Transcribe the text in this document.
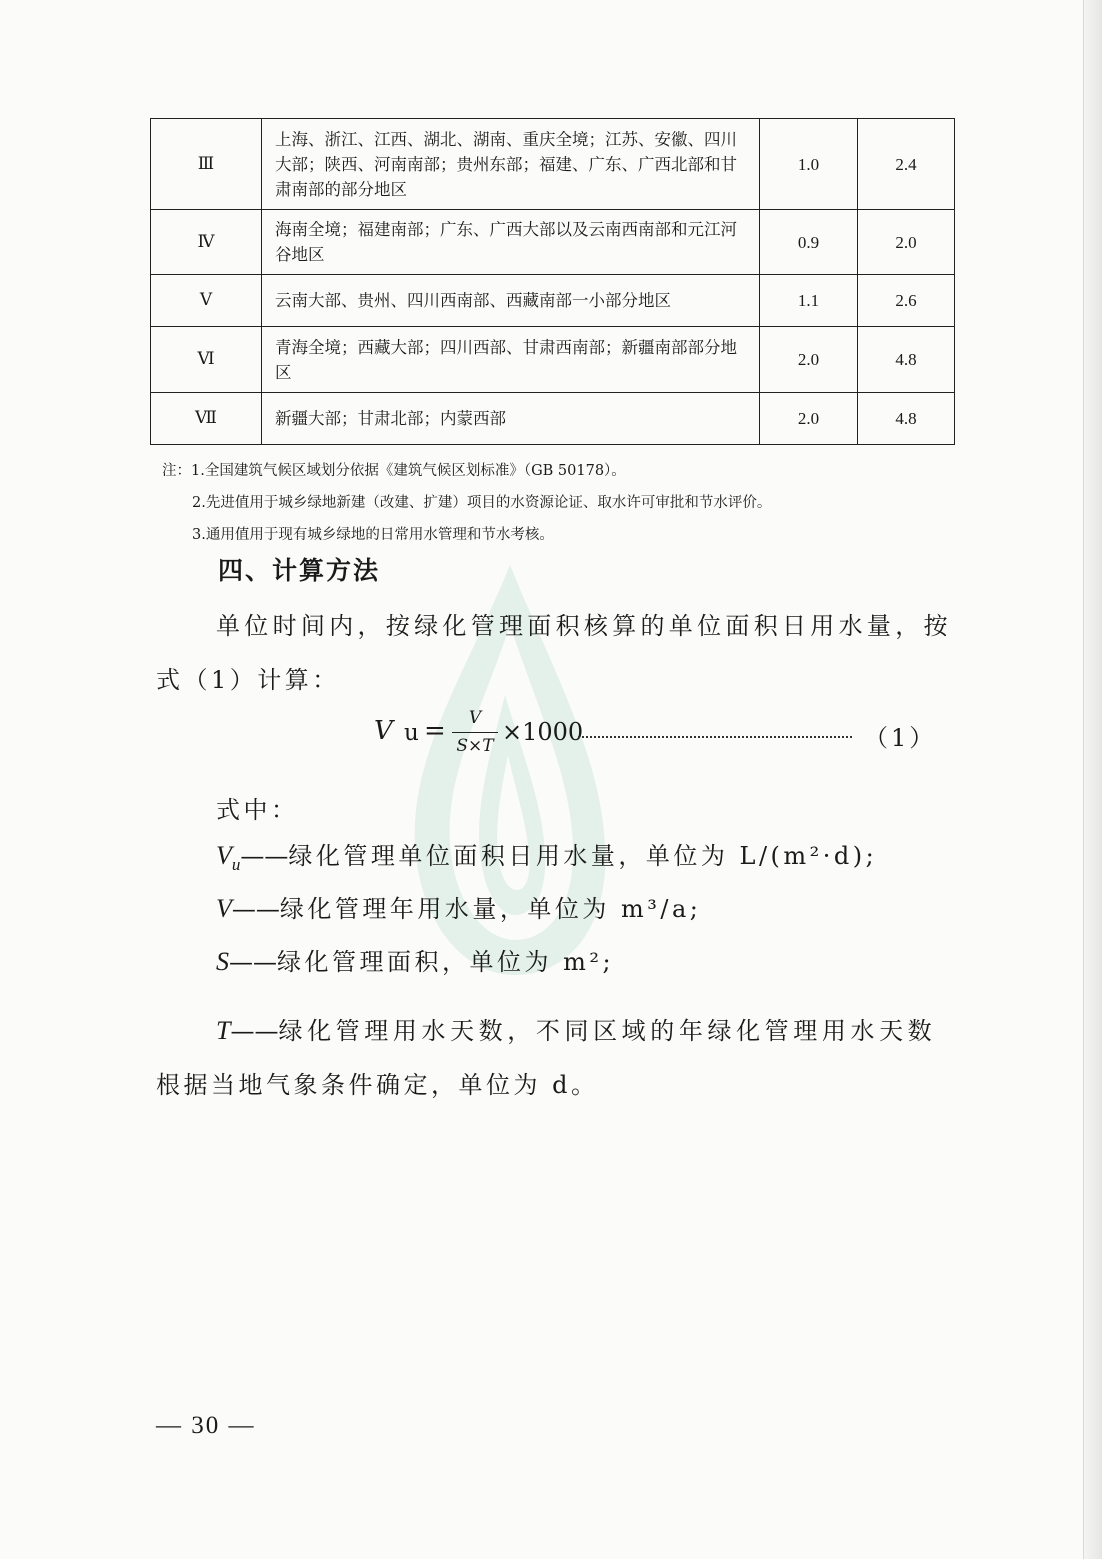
Ⅲ	上海、浙江、江西、湖北、湖南、重庆全境；江苏、安徽、四川大部；陕西、河南南部；贵州东部；福建、广东、广西北部和甘肃南部的部分地区	1.0	2.4
Ⅳ	海南全境；福建南部；广东、广西大部以及云南西南部和元江河谷地区	0.9	2.0
Ⅴ	云南大部、贵州、四川西南部、西藏南部一小部分地区	1.1	2.6
Ⅵ	青海全境；西藏大部；四川西部、甘肃西南部；新疆南部部分地区	2.0	4.8
Ⅶ	新疆大部；甘肃北部；内蒙西部	2.0	4.8
注：1.全国建筑气候区域划分依据《建筑气候区划标准》（GB 50178）。
2.先进值用于城乡绿地新建（改建、扩建）项目的水资源论证、取水许可审批和节水评价。
3.通用值用于现有城乡绿地的日常用水管理和节水考核。
四、计算方法
单位时间内，按绿化管理面积核算的单位面积日用水量，按
式（1）计算：
V u =	V
S×T ×1000	（1）
式中：
$V_u——$绿化管理单位面积日用水量，单位为 L/(m²·d);
V——绿化管理年用水量，单位为 m³/a;
S——绿化管理面积，单位为 m²;
T——绿化管理用水天数，不同区域的年绿化管理用水天数
根据当地气象条件确定，单位为 d。
— 30 —
